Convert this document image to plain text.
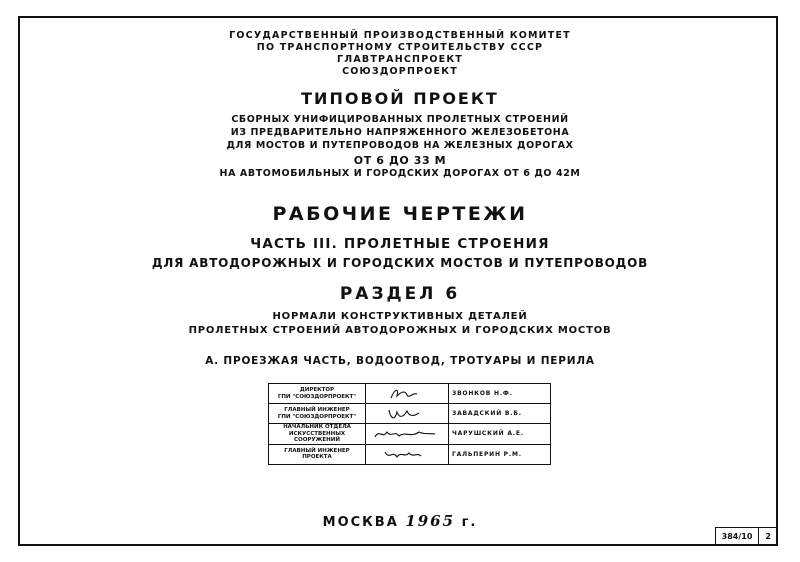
ГОСУДАРСТВЕННЫЙ ПРОИЗВОДСТВЕННЫЙ КОМИТЕТ
ПО ТРАНСПОРТНОМУ СТРОИТЕЛЬСТВУ СССР
ГЛАВТРАНСПРОЕКТ
СОЮЗДОРПРОЕКТ
ТИПОВОЙ ПРОЕКТ
СБОРНЫХ УНИФИЦИРОВАННЫХ ПРОЛЕТНЫХ СТРОЕНИЙ
ИЗ ПРЕДВАРИТЕЛЬНО НАПРЯЖЕННОГО ЖЕЛЕЗОБЕТОНА
ДЛЯ МОСТОВ И ПУТЕПРОВОДОВ НА ЖЕЛЕЗНЫХ ДОРОГАХ
ОТ 6 ДО 33 М
НА АВТОМОБИЛЬНЫХ И ГОРОДСКИХ ДОРОГАХ ОТ 6 ДО 42М
РАБОЧИЕ ЧЕРТЕЖИ
ЧАСТЬ III. ПРОЛЕТНЫЕ СТРОЕНИЯ
ДЛЯ АВТОДОРОЖНЫХ И ГОРОДСКИХ МОСТОВ И ПУТЕПРОВОДОВ
РАЗДЕЛ 6
НОРМАЛИ КОНСТРУКТИВНЫХ ДЕТАЛЕЙ
ПРОЛЕТНЫХ СТРОЕНИЙ АВТОДОРОЖНЫХ И ГОРОДСКИХ МОСТОВ
А. ПРОЕЗЖАЯ ЧАСТЬ, ВОДООТВОД, ТРОТУАРЫ И ПЕРИЛА
ДИРЕКТОР
ГПИ "СОЮЗДОРПРОЕКТ"		ЗВОНКОВ Н.Ф.

ГЛАВНЫЙ ИНЖЕНЕР
ГПИ "СОЮЗДОРПРОЕКТ"		ЗАВАДСКИЙ В.Б.

НАЧАЛЬНИК ОТДЕЛА
ИСКУССТВЕННЫХ СООРУЖЕНИЙ		ЧАРУШСКИЙ А.Е.

ГЛАВНЫЙ ИНЖЕНЕР
ПРОЕКТА		ГАЛЬПЕРИН Р.М.
МОСКВА 1965 г.
384/10	2
